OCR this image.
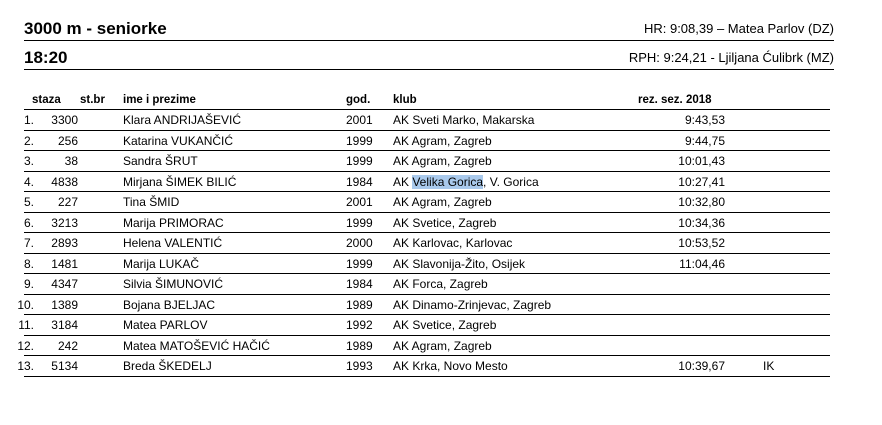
3000 m - seniorke	HR: 9:08,39 – Matea Parlov (DZ)
18:20	RPH: 9:24,21 - Ljiljana Ćulibrk (MZ)
staza st.br ime i prezime	god. klub	rez. sez. 2018
1. 3300	Klara ANDRIJAŠEVIĆ	2001 AK Sveti Marko, Makarska	9:43,53
2. 256	Katarina VUKANČIĆ	1999 AK Agram, Zagreb	9:44,75
3.	38	Sandra ŠRUT	1999 AK Agram, Zagreb	10:01,43
4. 4838	Mirjana ŠIMEK BILIĆ	1984 AK Velika Gorica, V. Gorica	10:27,41
5. 227	Tina ŠMID	2001 AK Agram, Zagreb	10:32,80
6. 3213	Marija PRIMORAC	1999 AK Svetice, Zagreb	10:34,36
7. 2893	Helena VALENTIĆ	2000 AK Karlovac, Karlovac	10:53,52
8. 1481	Marija LUKAČ	1999 AK Slavonija-Žito, Osijek	11:04,46
9. 4347	Silvia ŠIMUNOVIĆ	1984 AK Forca, Zagreb
10. 1389	Bojana BJELJAC	1989 AK Dinamo-Zrinjevac, Zagreb
11. 3184	Matea PARLOV	1992 AK Svetice, Zagreb
12. 242	Matea MATOŠEVIĆ HAČIĆ	1989 AK Agram, Zagreb
13. 5134	Breda ŠKEDELJ	1993 AK Krka, Novo Mesto	10:39,67	IK
